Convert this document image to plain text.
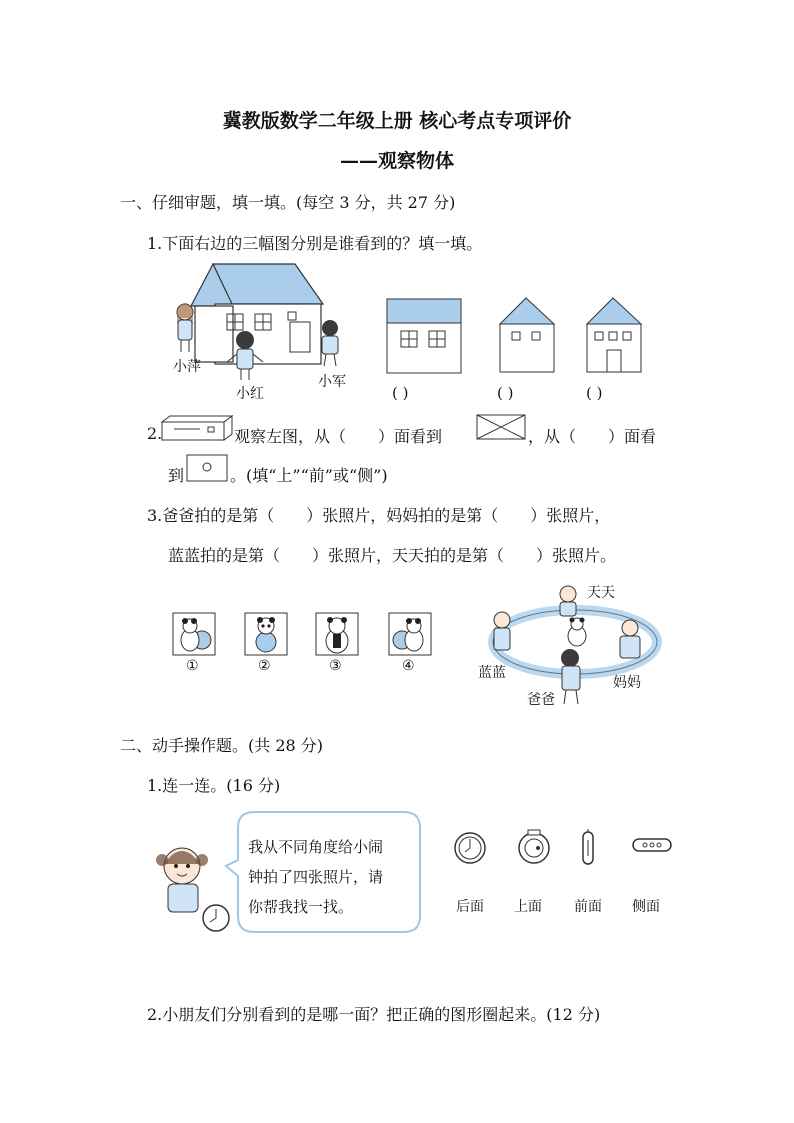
冀教版数学二年级上册 核心考点专项评价
——观察物体
一、仔细审题，填一填。(每空 3 分，共 27 分)
1.下面右边的三幅图分别是谁看到的？填一填。
小萍
小红
小军
( )	( )	( )
2.	观察左图，从（　　）面看到	，从（　　）面看
到	。(填“上”“前”或“侧”)
3.爸爸拍的是第（　　）张照片，妈妈拍的是第（　　）张照片，
蓝蓝拍的是第（　　）张照片，天天拍的是第（　　）张照片。
①	②	③	④
天天
蓝蓝
爸爸
妈妈
二、动手操作题。(共 28 分)
1.连一连。(16 分)
我从不同角度给小闹
钟拍了四张照片，请
你帮我找一找。	后面 上面 前面 侧面
2.小朋友们分别看到的是哪一面？把正确的图形圈起来。(12 分)
